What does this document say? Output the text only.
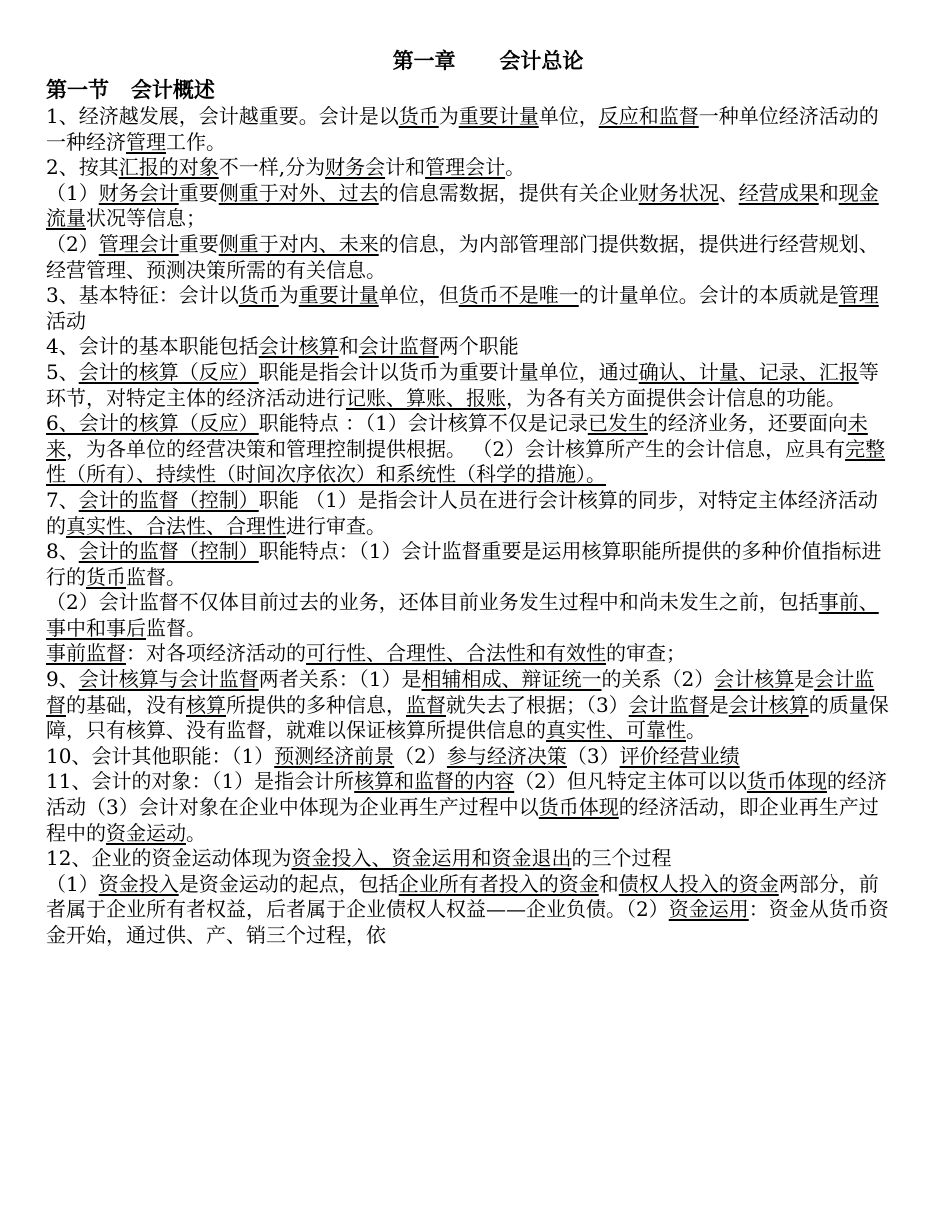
第一章      会计总论
第一节   会计概述

1、经济越发展，会计越重要。会计是以货币为重要计量单位，反应和监督一种单位经济活动的一种经济管理工作。

2、按其汇报的对象不一样,分为财务会计和管理会计。

（1）财务会计重要侧重于对外、过去的信息需数据，提供有关企业财务状况、经营成果和现金流量状况等信息；

（2）管理会计重要侧重于对内、未来的信息，为内部管理部门提供数据，提供进行经营规划、经营管理、预测决策所需的有关信息。

3、基本特征：会计以货币为重要计量单位，但货币不是唯一的计量单位。会计的本质就是管理活动

4、会计的基本职能包括会计核算和会计监督两个职能

5、会计的核算（反应）职能是指会计以货币为重要计量单位，通过确认、计量、记录、汇报等环节，对特定主体的经济活动进行记账、算账、报账，为各有关方面提供会计信息的功能。

6、会计的核算（反应）职能特点 ：（1）会计核算不仅是记录已发生的经济业务，还要面向未来，为各单位的经营决策和管理控制提供根据。 （2）会计核算所产生的会计信息，应具有完整性（所有）、持续性（时间次序依次）和系统性（科学的措施）。

7、会计的监督（控制）职能 （1）是指会计人员在进行会计核算的同步，对特定主体经济活动的真实性、合法性、合理性进行审查。

8、会计的监督（控制）职能特点：（1）会计监督重要是运用核算职能所提供的多种价值指标进行的货币监督。

（2）会计监督不仅体目前过去的业务，还体目前业务发生过程中和尚未发生之前，包括事前、事中和事后监督。

事前监督：对各项经济活动的可行性、合理性、合法性和有效性的审查；

9、会计核算与会计监督两者关系：（1）是相辅相成、辩证统一的关系（2）会计核算是会计监督的基础，没有核算所提供的多种信息，监督就失去了根据；（3）会计监督是会计核算的质量保障，只有核算、没有监督，就难以保证核算所提供信息的真实性、可靠性。

10、会计其他职能：（1）预测经济前景（2）参与经济决策（3）评价经营业绩

11、会计的对象：（1）是指会计所核算和监督的内容（2）但凡特定主体可以以货币体现的经济活动（3）会计对象在企业中体现为企业再生产过程中以货币体现的经济活动，即企业再生产过程中的资金运动。

12、企业的资金运动体现为资金投入、资金运用和资金退出的三个过程

（1）资金投入是资金运动的起点，包括企业所有者投入的资金和债权人投入的资金两部分，前者属于企业所有者权益，后者属于企业债权人权益——企业负债。（2）资金运用：资金从货币资金开始，通过供、产、销三个过程，依
